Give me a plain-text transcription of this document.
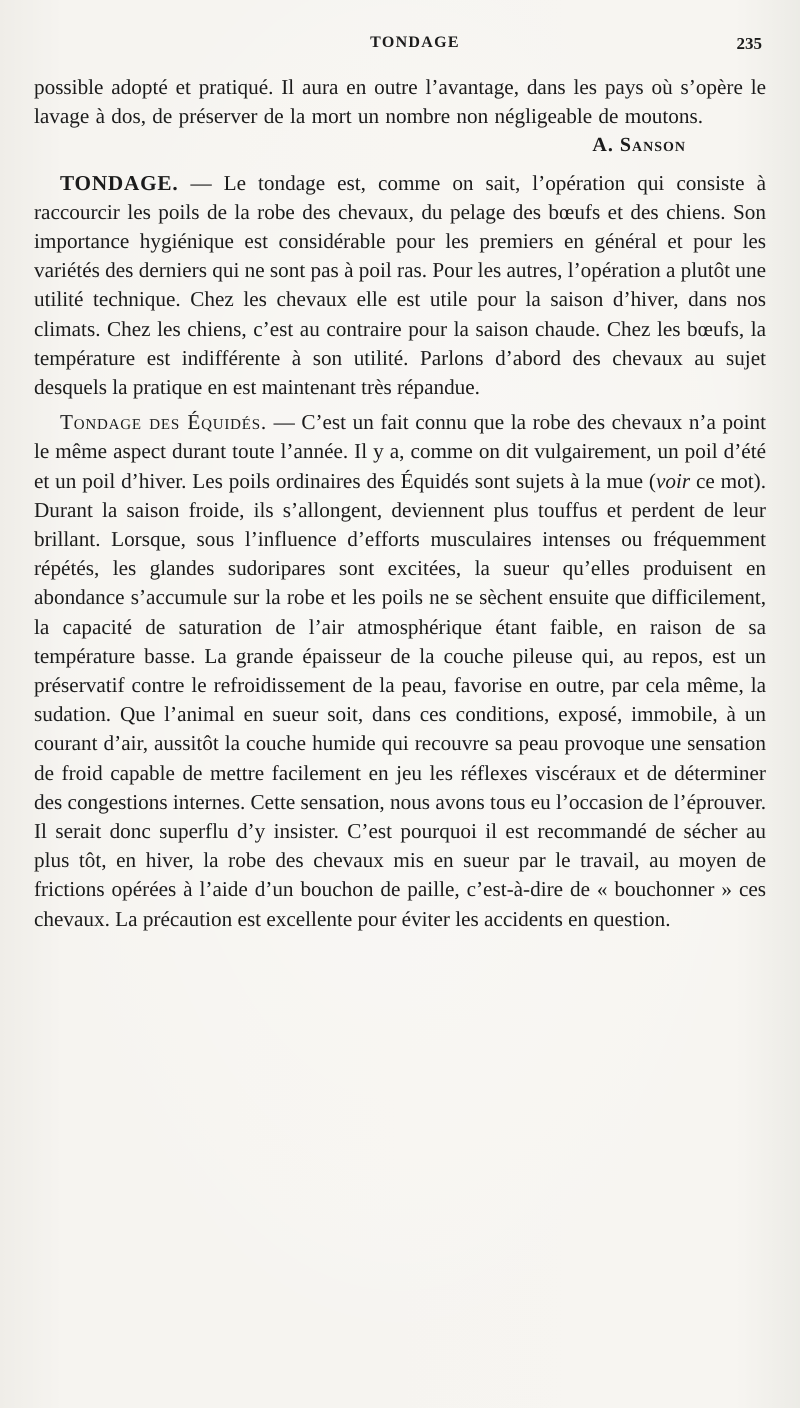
TONDAGE	235

possible adopté et pratiqué. Il aura en outre l’avantage, dans les pays où s’opère le lavage à dos, de préserver de la mort un nombre non négligeable de moutons.

A. Sanson

TONDAGE. — Le tondage est, comme on sait, l’opération qui consiste à raccourcir les poils de la robe des chevaux, du pelage des bœufs et des chiens. Son importance hygiénique est considérable pour les premiers en général et pour les variétés des derniers qui ne sont pas à poil ras. Pour les autres, l’opération a plutôt une utilité technique. Chez les chevaux elle est utile pour la saison d’hiver, dans nos climats. Chez les chiens, c’est au contraire pour la saison chaude. Chez les bœufs, la température est indifférente à son utilité. Parlons d’abord des chevaux au sujet desquels la pratique en est maintenant très répandue.

Tondage des Équidés. — C’est un fait connu que la robe des chevaux n’a point le même aspect durant toute l’année. Il y a, comme on dit vulgairement, un poil d’été et un poil d’hiver. Les poils ordinaires des Équidés sont sujets à la mue (voir ce mot). Durant la saison froide, ils s’allongent, deviennent plus touffus et perdent de leur brillant. Lorsque, sous l’influence d’efforts musculaires intenses ou fréquemment répétés, les glandes sudoripares sont excitées, la sueur qu’elles produisent en abondance s’accumule sur la robe et les poils ne se sèchent ensuite que difficilement, la capacité de saturation de l’air atmosphérique étant faible, en raison de sa température basse. La grande épaisseur de la couche pileuse qui, au repos, est un préservatif contre le refroidissement de la peau, favorise en outre, par cela même, la sudation. Que l’animal en sueur soit, dans ces conditions, exposé, immobile, à un courant d’air, aussitôt la couche humide qui recouvre sa peau provoque une sensation de froid capable de mettre facilement en jeu les réflexes viscéraux et de déterminer des congestions internes. Cette sensation, nous avons tous eu l’occasion de l’éprouver. Il serait donc superflu d’y insister. C’est pourquoi il est recommandé de sécher au plus tôt, en hiver, la robe des chevaux mis en sueur par le travail, au moyen de frictions opérées à l’aide d’un bouchon de paille, c’est-à-dire de « bouchonner » ces chevaux. La précaution est excellente pour éviter les accidents en question.
